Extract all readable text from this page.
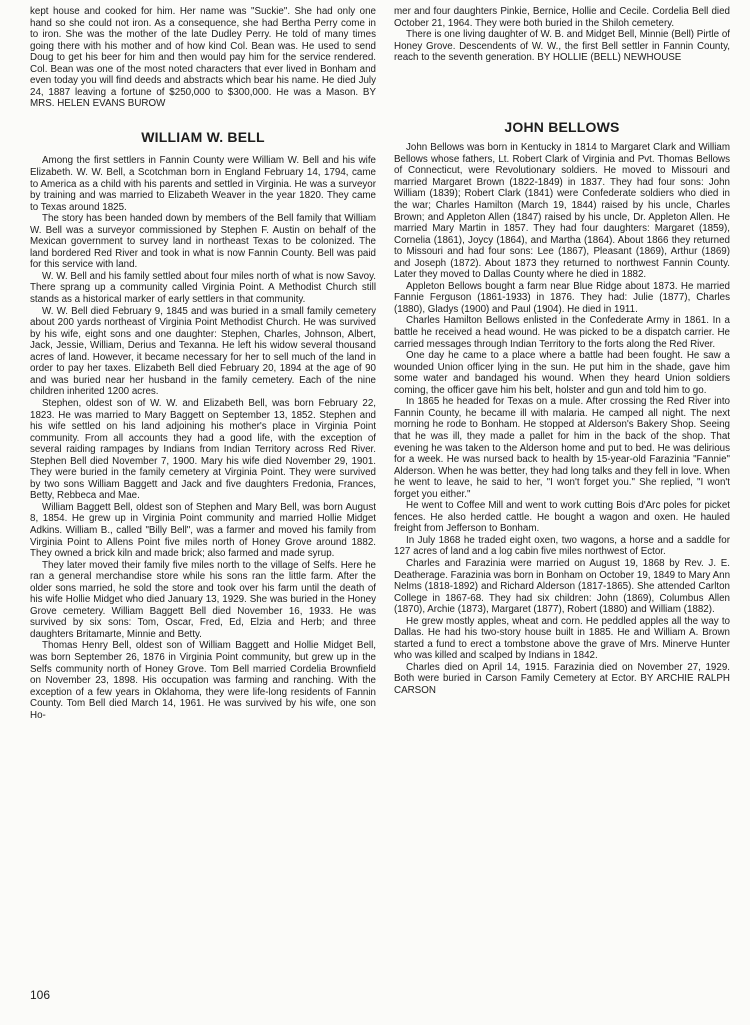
kept house and cooked for him. Her name was "Suckie". She had only one hand so she could not iron. As a consequence, she had Bertha Perry come in to iron. She was the mother of the late Dudley Perry. He told of many times going there with his mother and of how kind Col. Bean was. He used to send Doug to get his beer for him and then would pay him for the service rendered. Col. Bean was one of the most noted characters that ever lived in Bonham and even today you will find deeds and abstracts which bear his name. He died July 24, 1887 leaving a fortune of $250,000 to $300,000. He was a Mason. BY MRS. HELEN EVANS BUROW

WILLIAM W. BELL

Among the first settlers in Fannin County were William W. Bell and his wife Elizabeth. W. W. Bell, a Scotchman born in England February 14, 1794, came to America as a child with his parents and settled in Virginia. He was a surveyor by training and was married to Elizabeth Weaver in the year 1820. They came to Texas around 1825.

The story has been handed down by members of the Bell family that William W. Bell was a surveyor commissioned by Stephen F. Austin on behalf of the Mexican government to survey land in northeast Texas to be colonized. The land bordered Red River and took in what is now Fannin County. Bell was paid for this service with land.

W. W. Bell and his family settled about four miles north of what is now Savoy. There sprang up a community called Virginia Point. A Methodist Church still stands as a historical marker of early settlers in that community.

W. W. Bell died February 9, 1845 and was buried in a small family cemetery about 200 yards northeast of Virginia Point Methodist Church. He was survived by his wife, eight sons and one daughter: Stephen, Charles, Johnson, Albert, Jack, Jessie, William, Derius and Texanna. He left his widow several thousand acres of land. However, it became necessary for her to sell much of the land in order to pay her taxes. Elizabeth Bell died February 20, 1894 at the age of 90 and was buried near her husband in the family cemetery. Each of the nine children inherited 1200 acres.

Stephen, oldest son of W. W. and Elizabeth Bell, was born February 22, 1823. He was married to Mary Baggett on September 13, 1852. Stephen and his wife settled on his land adjoining his mother's place in Virginia Point community. From all accounts they had a good life, with the exception of several raiding rampages by Indians from Indian Territory across Red River. Stephen Bell died November 7, 1900. Mary his wife died November 29, 1901. They were buried in the family cemetery at Virginia Point. They were survived by two sons William Baggett and Jack and five daughters Fredonia, Frances, Betty, Rebbeca and Mae.

William Baggett Bell, oldest son of Stephen and Mary Bell, was born August 8, 1854. He grew up in Virginia Point community and married Hollie Midget Adkins. William B., called "Billy Bell", was a farmer and moved his family from Virginia Point to Allens Point five miles north of Honey Grove around 1882. They owned a brick kiln and made brick; also farmed and made syrup.

They later moved their family five miles north to the village of Selfs. Here he ran a general merchandise store while his sons ran the little farm. After the older sons married, he sold the store and took over his farm until the death of his wife Hollie Midget who died January 13, 1929. She was buried in the Honey Grove cemetery. William Baggett Bell died November 16, 1933. He was survived by six sons: Tom, Oscar, Fred, Ed, Elzia and Herb; and three daughters Britamarte, Minnie and Betty.

Thomas Henry Bell, oldest son of William Baggett and Hollie Midget Bell, was born September 26, 1876 in Virginia Point community, but grew up in the Selfs community north of Honey Grove. Tom Bell married Cordelia Brownfield on November 23, 1898. His occupation was farming and ranching. With the exception of a few years in Oklahoma, they were life-long residents of Fannin County. Tom Bell died March 14, 1961. He was survived by his wife, one son Ho-

mer and four daughters Pinkie, Bernice, Hollie and Cecile. Cordelia Bell died October 21, 1964. They were both buried in the Shiloh cemetery.

There is one living daughter of W. B. and Midget Bell, Minnie (Bell) Pirtle of Honey Grove. Descendents of W. W., the first Bell settler in Fannin County, reach to the seventh generation. BY HOLLIE (BELL) NEWHOUSE

JOHN BELLOWS

John Bellows was born in Kentucky in 1814 to Margaret Clark and William Bellows whose fathers, Lt. Robert Clark of Virginia and Pvt. Thomas Bellows of Connecticut, were Revolutionary soldiers. He moved to Missouri and married Margaret Brown (1822-1849) in 1837. They had four sons: John William (1839); Robert Clark (1841) were Confederate soldiers who died in the war; Charles Hamilton (March 19, 1844) raised by his uncle, Charles Brown; and Appleton Allen (1847) raised by his uncle, Dr. Appleton Allen. He married Mary Martin in 1857. They had four daughters: Margaret (1859), Cornelia (1861), Joycy (1864), and Martha (1864). About 1866 they returned to Missouri and had four sons: Lee (1867), Pleasant (1869), Arthur (1869) and Joseph (1872). About 1873 they returned to northwest Fannin County. Later they moved to Dallas County where he died in 1882.

Appleton Bellows bought a farm near Blue Ridge about 1873. He married Fannie Ferguson (1861-1933) in 1876. They had: Julie (1877), Charles (1880), Gladys (1900) and Paul (1904). He died in 1911.

Charles Hamilton Bellows enlisted in the Confederate Army in 1861. In a battle he received a head wound. He was picked to be a dispatch carrier. He carried messages through Indian Territory to the forts along the Red River.

One day he came to a place where a battle had been fought. He saw a wounded Union officer lying in the sun. He put him in the shade, gave him some water and bandaged his wound. When they heard Union soldiers coming, the officer gave him his belt, holster and gun and told him to go.

In 1865 he headed for Texas on a mule. After crossing the Red River into Fannin County, he became ill with malaria. He camped all night. The next morning he rode to Bonham. He stopped at Alderson's Bakery Shop. Seeing that he was ill, they made a pallet for him in the back of the shop. That evening he was taken to the Alderson home and put to bed. He was delirious for a week. He was nursed back to health by 15-year-old Farazinia "Fannie" Alderson. When he was better, they had long talks and they fell in love. When he went to leave, he said to her, "I won't forget you." She replied, "I won't forget you either."

He went to Coffee Mill and went to work cutting Bois d'Arc poles for picket fences. He also herded cattle. He bought a wagon and oxen. He hauled freight from Jefferson to Bonham.

In July 1868 he traded eight oxen, two wagons, a horse and a saddle for 127 acres of land and a log cabin five miles northwest of Ector.

Charles and Farazinia were married on August 19, 1868 by Rev. J. E. Deatherage. Farazinia was born in Bonham on October 19, 1849 to Mary Ann Nelms (1818-1892) and Richard Alderson (1817-1865). She attended Carlton College in 1867-68. They had six children: John (1869), Columbus Allen (1870), Archie (1873), Margaret (1877), Robert (1880) and William (1882).

He grew mostly apples, wheat and corn. He peddled apples all the way to Dallas. He had his two-story house built in 1885. He and William A. Brown started a fund to erect a tombstone above the grave of Mrs. Minerve Hunter who was killed and scalped by Indians in 1842.

Charles died on April 14, 1915. Farazinia died on November 27, 1929. Both were buried in Carson Family Cemetery at Ector. BY ARCHIE RALPH CARSON

106
